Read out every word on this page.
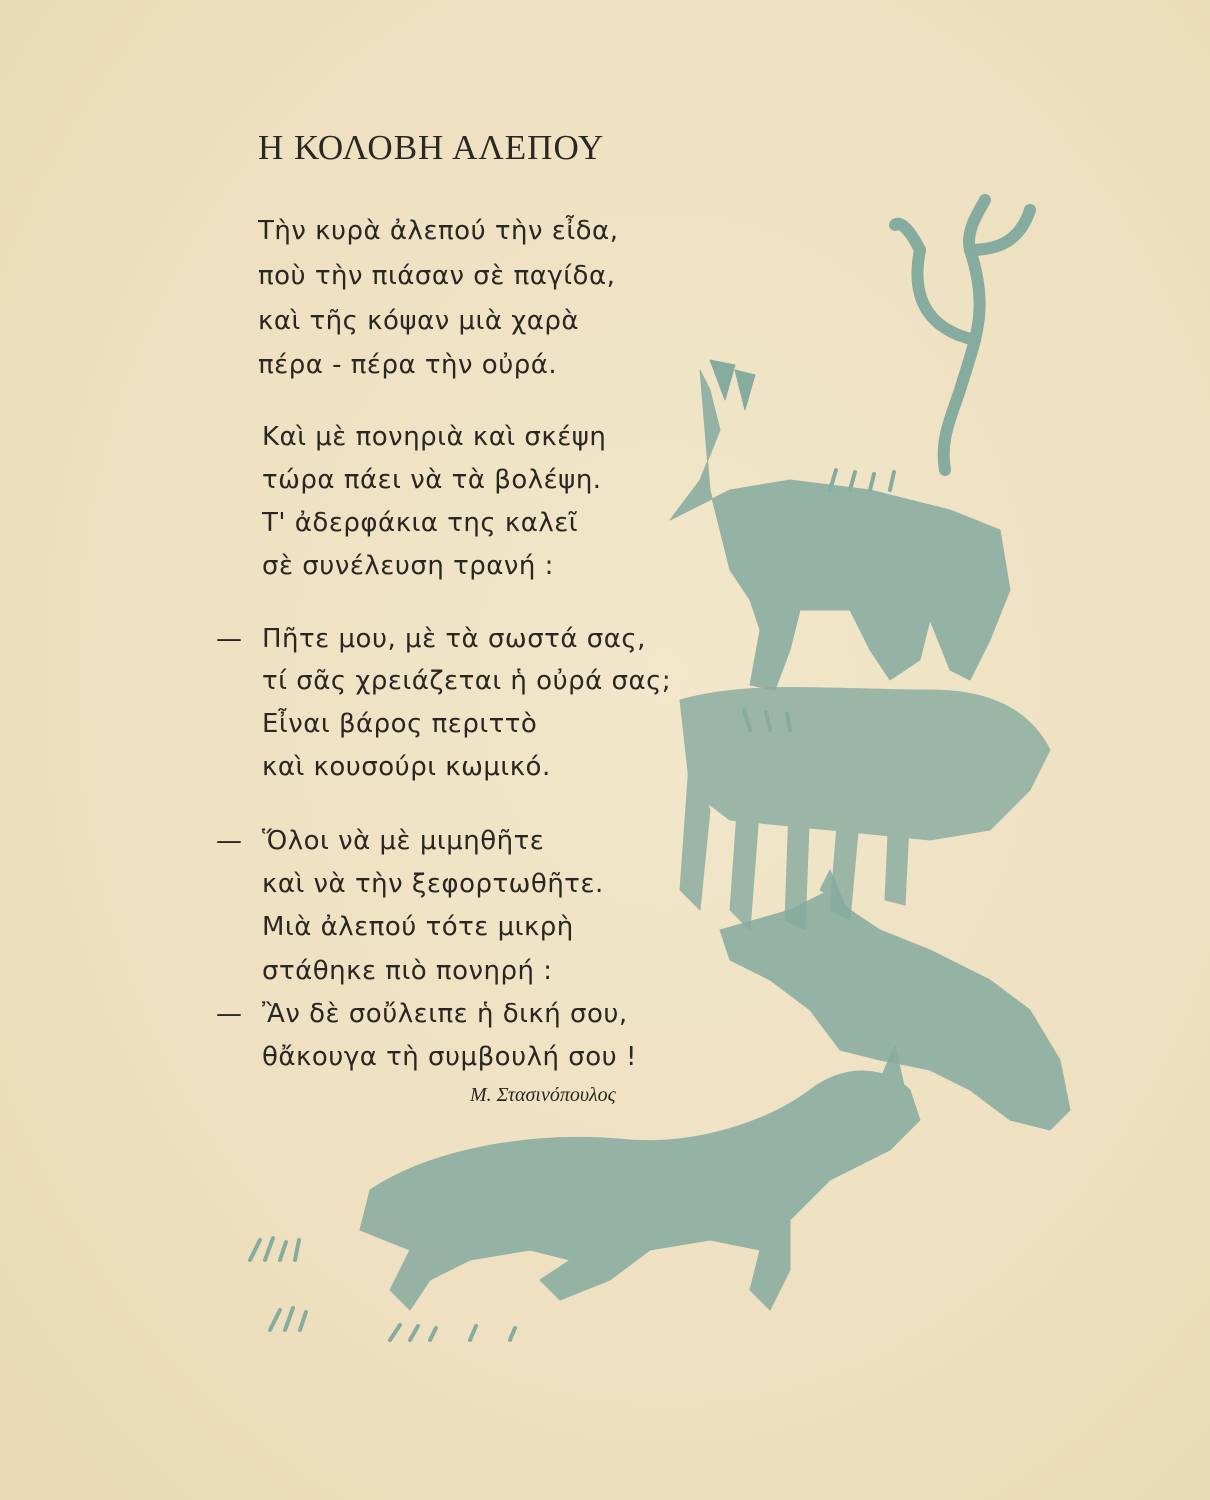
Η ΚΟΛΟΒΗ ΑΛΕΠΟΥ
Τὴν κυρὰ ἀλεπού τὴν εἶδα,
ποὺ τὴν πιάσαν σὲ παγίδα,
καὶ τῆς κόψαν μιὰ χαρὰ
πέρα - πέρα τὴν οὐρά.
Καὶ μὲ πονηριὰ καὶ σκέψη
τώρα πάει νὰ τὰ βολέψη.
Τ' ἀδερφάκια της καλεῖ
σὲ συνέλευση τρανή :
— Πῆτε μου, μὲ τὰ σωστά σας,
τί σᾶς χρειάζεται ἡ οὐρά σας;
Εἶναι βάρος περιττὸ
καὶ κουσούρι κωμικό.
— Ὅλοι νὰ μὲ μιμηθῆτε
καὶ νὰ τὴν ξεφορτωθῆτε.
Μιὰ ἀλεπού τότε μικρὴ
στάθηκε πιὸ πονηρή :
— Ἂν δὲ σοὔλειπε ἡ δική σου,
θἄκουγα τὴ συμβουλή σου !
Μ. Στασινόπουλος
